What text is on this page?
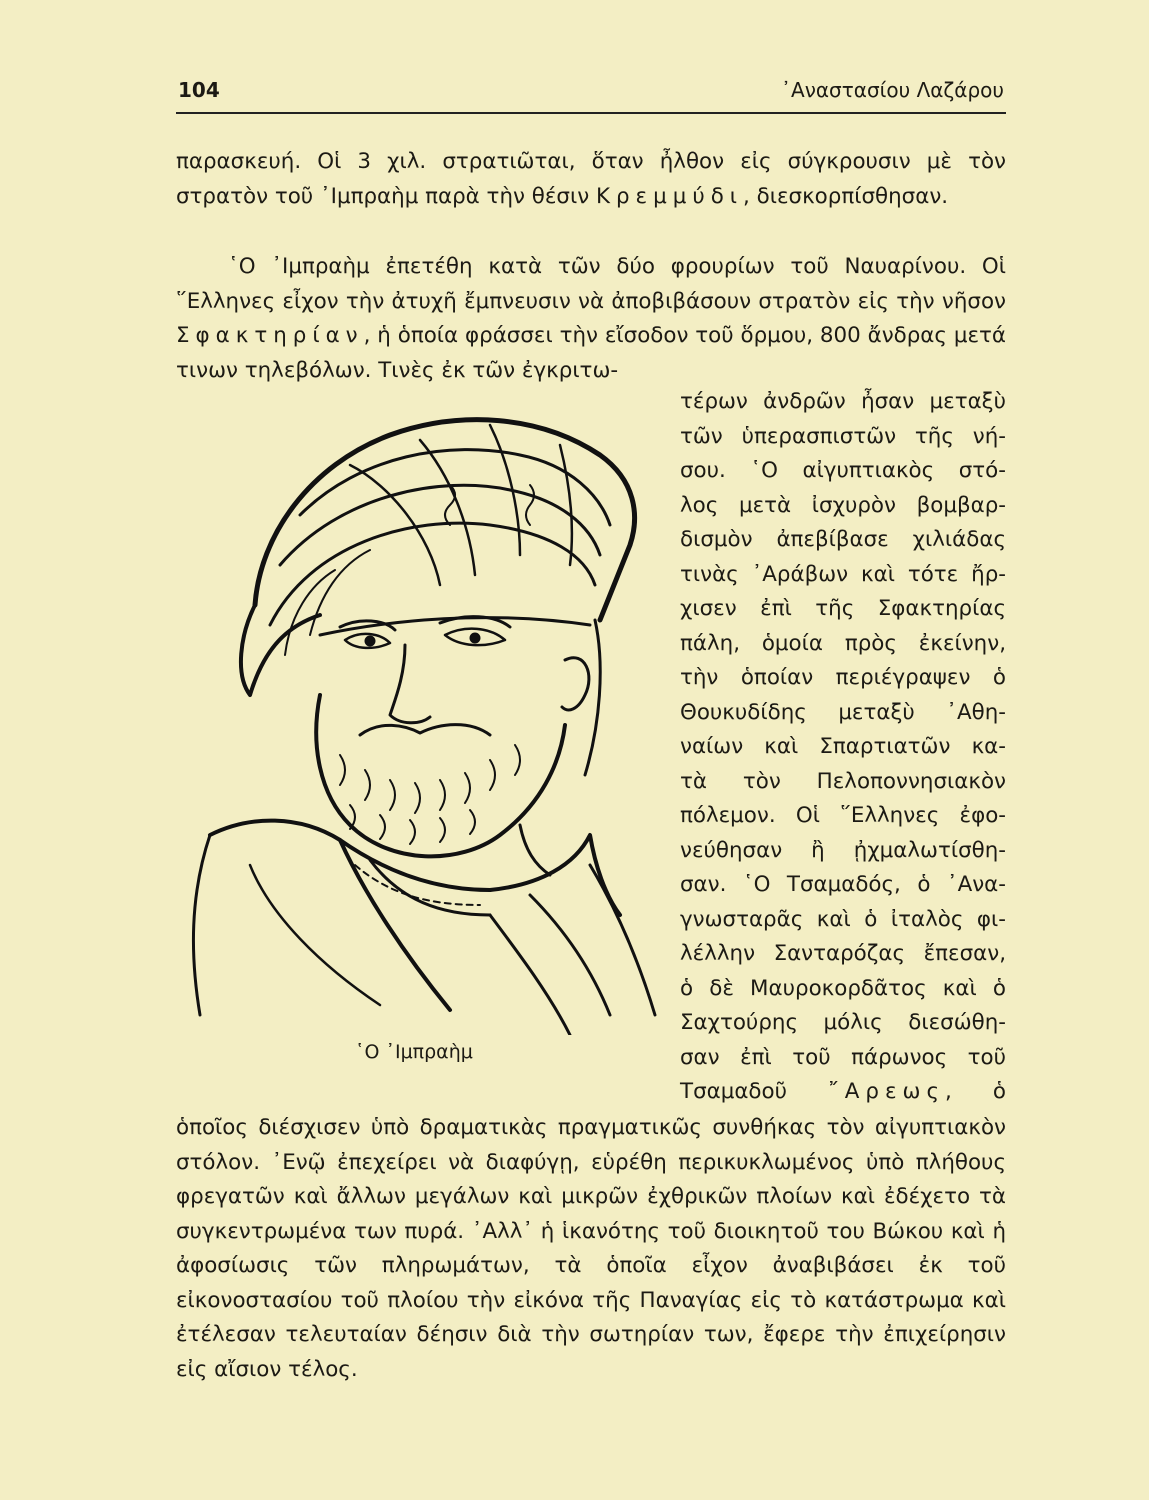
104	᾿Αναστασίου Λαζάρου

παρασκευή. Οἱ 3 χιλ. στρατιῶται, ὅταν ἦλθον εἰς σύγκρουσιν μὲ τὸν στρατὸν τοῦ ᾿Ιμπραὴμ παρὰ τὴν θέσιν Κρεμμύδι, διεσκορπίσθησαν.

῾Ο ᾿Ιμπραὴμ ἐπετέθη κατὰ τῶν δύο φρουρίων τοῦ Ναυαρίνου. Οἱ ῞Ελληνες εἶχον τὴν ἀτυχῆ ἔμπνευσιν νὰ ἀποβιβάσουν στρατὸν εἰς τὴν νῆσον Σφακτηρίαν, ἡ ὁποία φράσσει τὴν εἴσοδον τοῦ ὅρμου, 800 ἄνδρας μετά τινων τηλεβόλων. Τινὲς ἐκ τῶν ἐγκριτω-

῾Ο ᾿Ιμπραὴμ
τέρων ἀνδρῶν ἦσαν μεταξὺ
τῶν ὑπερασπιστῶν τῆς νή-
σου. ῾Ο αἰγυπτιακὸς στό-
λος μετὰ ἰσχυρὸν βομβαρ-
δισμὸν ἀπεβίβασε χιλιάδας
τινὰς ᾿Αράβων καὶ τότε ἤρ-
χισεν ἐπὶ τῆς Σφακτηρίας
πάλη, ὁμοία πρὸς ἐκείνην,
τὴν ὁποίαν περιέγραψεν ὁ
Θουκυδίδης μεταξὺ ᾿Αθη-
ναίων καὶ Σπαρτιατῶν κα-
τὰ τὸν Πελοποννησιακὸν
πόλεμον. Οἱ ῞Ελληνες ἐφο-
νεύθησαν ἢ ᾐχμαλωτίσθη-
σαν. ῾Ο Τσαμαδός, ὁ ᾿Ανα-
γνωσταρᾶς καὶ ὁ ἰταλὸς φι-
λέλλην Σανταρόζας ἔπεσαν,
ὁ δὲ Μαυροκορδᾶτος καὶ ὁ
Σαχτούρης μόλις διεσώθη-
σαν ἐπὶ τοῦ πάρωνος τοῦ
Τσαμαδοῦ ῎Αρεως, ὁ

ὁποῖος διέσχισεν ὑπὸ δραματικὰς πραγματικῶς συνθήκας τὸν αἰγυπτιακὸν στόλον. ᾿Ενῷ ἐπεχείρει νὰ διαφύγῃ, εὑρέθη περικυκλωμένος ὑπὸ πλήθους φρεγατῶν καὶ ἄλλων μεγάλων καὶ μικρῶν ἐχθρικῶν πλοίων καὶ ἐδέχετο τὰ συγκεντρωμένα των πυρά. ᾿Αλλ᾿ ἡ ἱκανότης τοῦ διοικητοῦ του Βώκου καὶ ἡ ἀφοσίωσις τῶν πληρωμάτων, τὰ ὁποῖα εἶχον ἀναβιβάσει ἐκ τοῦ εἰκονοστασίου τοῦ πλοίου τὴν εἰκόνα τῆς Παναγίας εἰς τὸ κατάστρωμα καὶ ἐτέλεσαν τελευταίαν δέησιν διὰ τὴν σωτηρίαν των, ἔφερε τὴν ἐπιχείρησιν εἰς αἴσιον τέλος.
